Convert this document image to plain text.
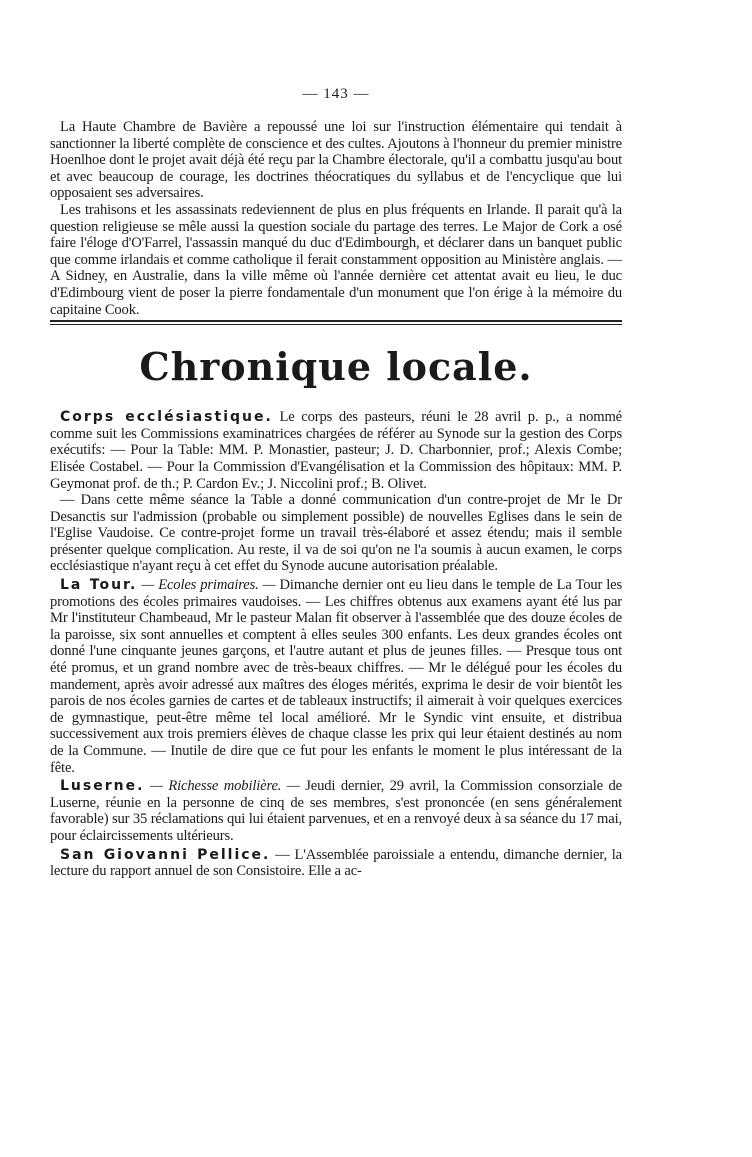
— 143 —

La Haute Chambre de Bavière a repoussé une loi sur l'instruction élémentaire qui tendait à sanctionner la liberté complète de conscience et des cultes. Ajoutons à l'honneur du premier ministre Hoenlhoe dont le projet avait déjà été reçu par la Chambre électorale, qu'il a combattu jusqu'au bout et avec beaucoup de courage, les doctrines théocratiques du syllabus et de l'encyclique que lui opposaient ses adversaires.

Les trahisons et les assassinats redeviennent de plus en plus fréquents en Irlande. Il parait qu'à la question religieuse se mêle aussi la question sociale du partage des terres. Le Major de Cork a osé faire l'éloge d'O'Farrel, l'assassin manqué du duc d'Edimbourgh, et déclarer dans un banquet public que comme irlandais et comme catholique il ferait constamment opposition au Ministère anglais. — A Sidney, en Australie, dans la ville même où l'année dernière cet attentat avait eu lieu, le duc d'Edimbourg vient de poser la pierre fondamentale d'un monument que l'on érige à la mémoire du capitaine Cook.

Chronique locale.

Corps ecclésiastique. Le corps des pasteurs, réuni le 28 avril p. p., a nommé comme suit les Commissions examinatrices chargées de référer au Synode sur la gestion des Corps exécutifs: — Pour la Table: MM. P. Monastier, pasteur; J. D. Charbonnier, prof.; Alexis Combe; Elisée Costabel. — Pour la Commission d'Evangélisation et la Commission des hôpitaux: MM. P. Geymonat prof. de th.; P. Cardon Ev.; J. Niccolini prof.; B. Olivet.

— Dans cette même séance la Table a donné communication d'un contre-projet de Mr le Dr Desanctis sur l'admission (probable ou simplement possible) de nouvelles Eglises dans le sein de l'Eglise Vaudoise. Ce contre-projet forme un travail très-élaboré et assez étendu; mais il semble présenter quelque complication. Au reste, il va de soi qu'on ne l'a soumis à aucun examen, le corps ecclésiastique n'ayant reçu à cet effet du Synode aucune autorisation préalable.

La Tour. — Ecoles primaires. — Dimanche dernier ont eu lieu dans le temple de La Tour les promotions des écoles primaires vaudoises. — Les chiffres obtenus aux examens ayant été lus par Mr l'instituteur Chambeaud, Mr le pasteur Malan fit observer à l'assemblée que des douze écoles de la paroisse, six sont annuelles et comptent à elles seules 300 enfants. Les deux grandes écoles ont donné l'une cinquante jeunes garçons, et l'autre autant et plus de jeunes filles. — Presque tous ont été promus, et un grand nombre avec de très-beaux chiffres. — Mr le délégué pour les écoles du mandement, après avoir adressé aux maîtres des éloges mérités, exprima le desir de voir bientôt les parois de nos écoles garnies de cartes et de tableaux instructifs; il aimerait à voir quelques exercices de gymnastique, peut-être même tel local amélioré. Mr le Syndic vint ensuite, et distribua successivement aux trois premiers élèves de chaque classe les prix qui leur étaient destinés au nom de la Commune. — Inutile de dire que ce fut pour les enfants le moment le plus intéressant de la fête.

Luserne. — Richesse mobilière. — Jeudi dernier, 29 avril, la Commission consorziale de Luserne, réunie en la personne de cinq de ses membres, s'est prononcée (en sens généralement favorable) sur 35 réclamations qui lui étaient parvenues, et en a renvoyé deux à sa séance du 17 mai, pour éclaircissements ultérieurs.

San Giovanni Pellice. — L'Assemblée paroissiale a entendu, dimanche dernier, la lecture du rapport annuel de son Consistoire. Elle a ac-
